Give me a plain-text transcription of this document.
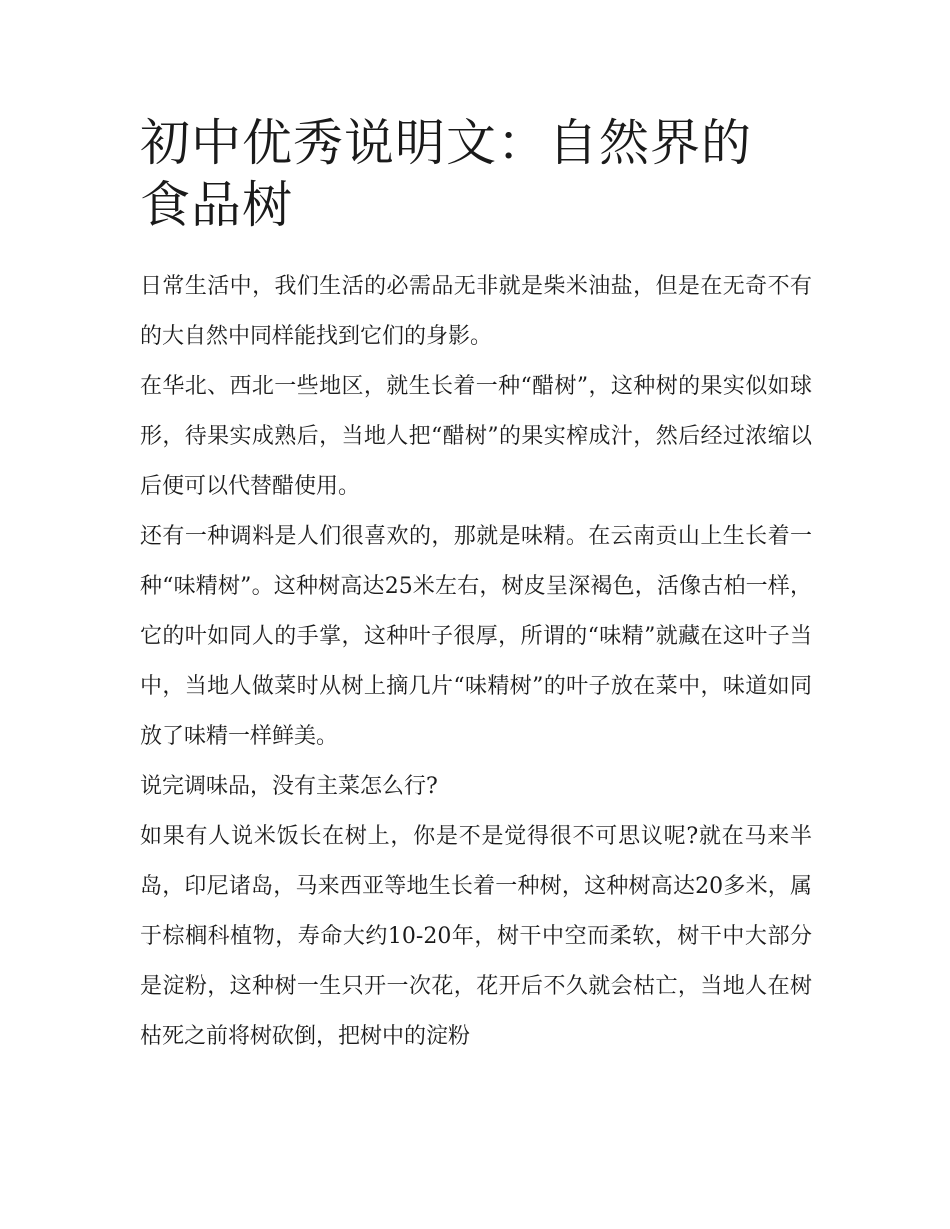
初中优秀说明文：自然界的食品树

日常生活中，我们生活的必需品无非就是柴米油盐，但是在无奇不有的大自然中同样能找到它们的身影。

在华北、西北一些地区，就生长着一种“醋树”，这种树的果实似如球形，待果实成熟后，当地人把“醋树”的果实榨成汁，然后经过浓缩以后便可以代替醋使用。

还有一种调料是人们很喜欢的，那就是味精。在云南贡山上生长着一种“味精树”。这种树高达25米左右，树皮呈深褐色，活像古柏一样，它的叶如同人的手掌，这种叶子很厚，所谓的“味精”就藏在这叶子当中，当地人做菜时从树上摘几片“味精树”的叶子放在菜中，味道如同放了味精一样鲜美。

说完调味品，没有主菜怎么行?

如果有人说米饭长在树上，你是不是觉得很不可思议呢?就在马来半岛，印尼诸岛，马来西亚等地生长着一种树，这种树高达20多米，属于棕榈科植物，寿命大约10-20年，树干中空而柔软，树干中大部分是淀粉，这种树一生只开一次花，花开后不久就会枯亡，当地人在树枯死之前将树砍倒，把树中的淀粉
